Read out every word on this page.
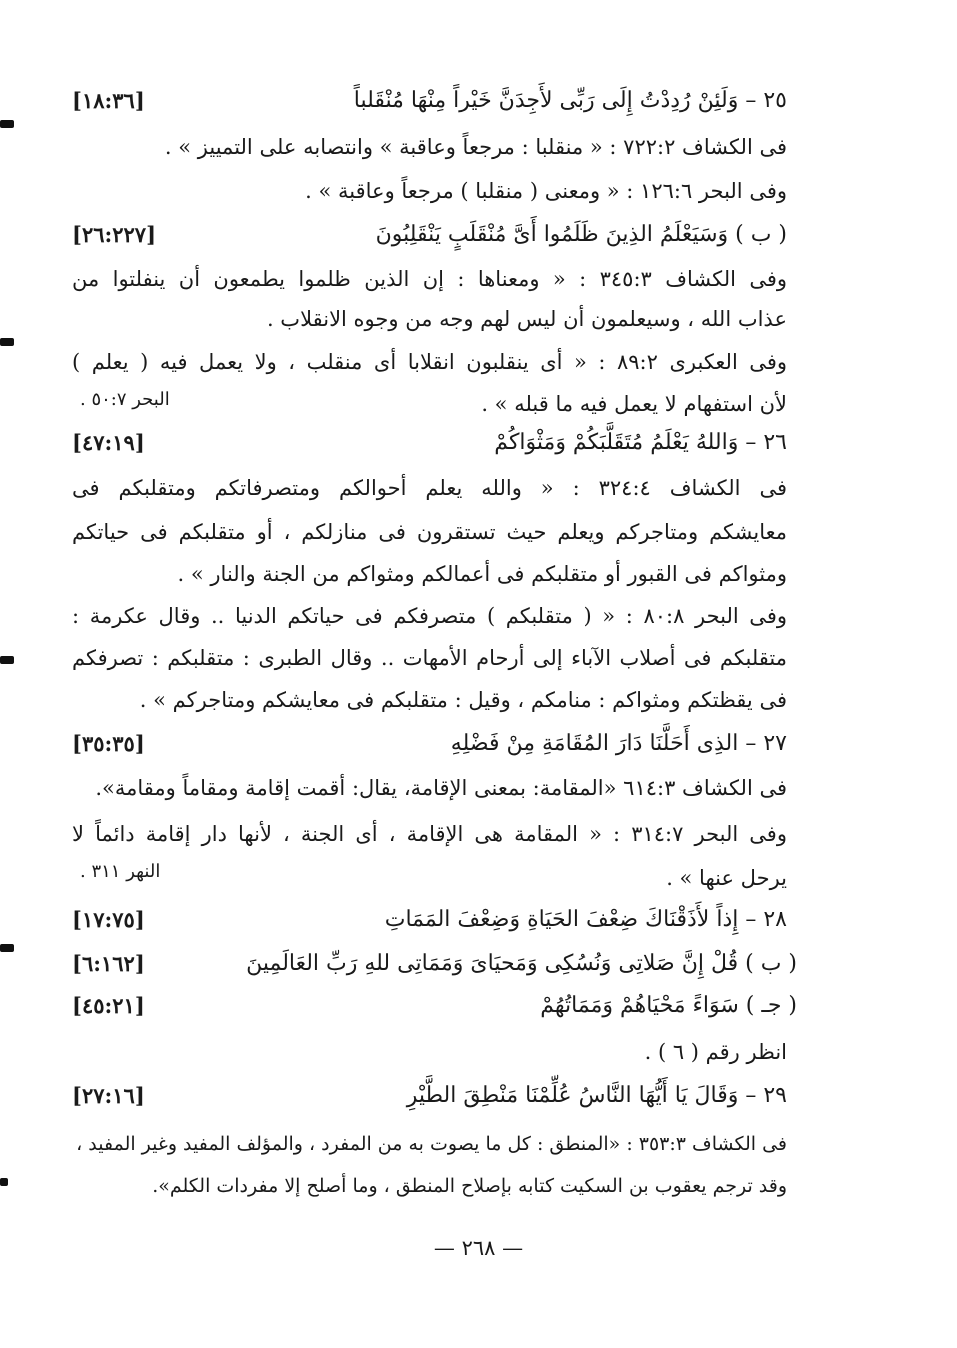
٢٥ – وَلَئِنْ رُدِدْتُ إِلَى رَبِّى لأَجِدَنَّ خَيْراً مِنْهَا مُنْقَلباً
[١٨:٣٦]
فى الكشاف ٧٢٢:٢ : « منقلبا : مرجعاً وعاقبة » وانتصابه على التمييز » .
وفى البحر ١٢٦:٦ : « ومعنى ( منقلبا ) مرجعاً وعاقبة » .
( ب ) وَسَيَعْلَمُ الذِينَ ظَلَمُوا أَىَّ مُنْقَلَبٍ يَنْقَلِبُونَ
[٢٦:٢٢٧]
وفى الكشاف ٣٤٥:٣ : « ومعناها : إن الذين ظلموا يطمعون أن ينفلتوا من
عذاب الله ، وسيعلمون أن ليس لهم وجه من وجوه الانقلاب .
وفى العكبرى ٨٩:٢ : « أى ينقلبون انقلابا أى منقلب ، ولا يعمل فيه ( يعلم )
لأن استفهام لا يعمل فيه ما قبله » .
البحر ٥٠:٧ .
٢٦ – وَاللهُ يَعْلَمُ مُتَقَلَّبَكُمْ وَمَثْوَاكُمْ
[٤٧:١٩]
فى الكشاف ٣٢٤:٤ : « والله يعلم أحوالكم ومتصرفاتكم ومتقلبكم فى
معايشكم ومتاجركم ويعلم حيث تستقرون فى منازلكم ، أو متقلبكم فى حياتكم
ومثواكم فى القبور أو متقلبكم فى أعمالكم ومثواكم من الجنة والنار » .
وفى البحر ٨٠:٨ : « ( متقلبكم ) متصرفكم فى حياتكم الدنيا .. وقال عكرمة :
متقلبكم فى أصلاب الآباء إلى أرحام الأمهات .. وقال الطبرى : متقلبكم : تصرفكم
فى يقظتكم ومثواكم : منامكم ، وقيل : متقلبكم فى معايشكم ومتاجركم » .
٢٧ – الذِى أَحَلَّنَا دَارَ المُقَامَةِ مِنْ فَضْلِهِ
[٣٥:٣٥]
فى الكشاف ٦١٤:٣ «المقامة: بمعنى الإقامة، يقال: أقمت إقامة ومقاماً ومقامة».
وفى البحر ٣١٤:٧ : « المقامة هى الإقامة ، أى الجنة ، لأنها دار إقامة دائماً لا
يرحل عنها » .
النهر ٣١١ .
٢٨ – إِذاً لأَذَقْنَاكَ ضِعْفَ الحَيَاةِ وَضِعْفَ المَمَاتِ
[١٧:٧٥]
( ب ) قُلْ إِنَّ صَلاتِى وَنُسُكِى وَمَحيَاىَ وَمَمَاتِى للهِ رَبِّ العَالَمِينَ
[٦:١٦٢]
( جـ ) سَوَاءً مَحْيَاهُمْ وَمَمَاتُهُمْ
[٤٥:٢١]
انظر رقم ( ٦ ) .
٢٩ – وَقَالَ يَا أَيُّهَا النَّاسُ عُلِّمْنَا مَنْطِقَ الطَّيْرِ
[٢٧:١٦]
فى الكشاف ٣٥٣:٣ : «المنطق : كل ما يصوت به من المفرد ، والمؤلف المفيد وغير المفيد ،
وقد ترجم يعقوب بن السكيت كتابه بإصلاح المنطق ، وما أصلح إلا مفردات الكلم».
— ٢٦٨ —
